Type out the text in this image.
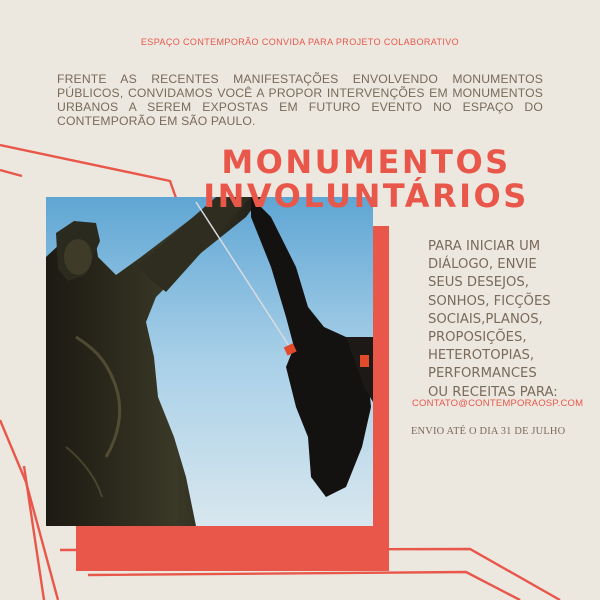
ESPAÇO CONTEMPORÃO CONVIDA PARA PROJETO COLABORATIVO
FRENTE AS RECENTES MANIFESTAÇÕES ENVOLVENDO MONUMENTOS PÚBLICOS, CONVIDAMOS VOCÊ A PROPOR INTERVENÇÕES EM MONUMENTOS URBANOS A SEREM EXPOSTAS EM FUTURO EVENTO NO ESPAÇO DO CONTEMPORÃO EM SÃO PAULO.
MONUMENTOS
INVOLUNTÁRIOS
PARA INICIAR UM
DIÁLOGO, ENVIE
SEUS DESEJOS,
SONHOS, FICÇÕES
SOCIAIS,PLANOS,
PROPOSIÇÕES,
HETEROTOPIAS,
PERFORMANCES
OU RECEITAS PARA:
CONTATO@CONTEMPORAOSP.COM
ENVIO ATÉ O DIA 31 DE JULHO
